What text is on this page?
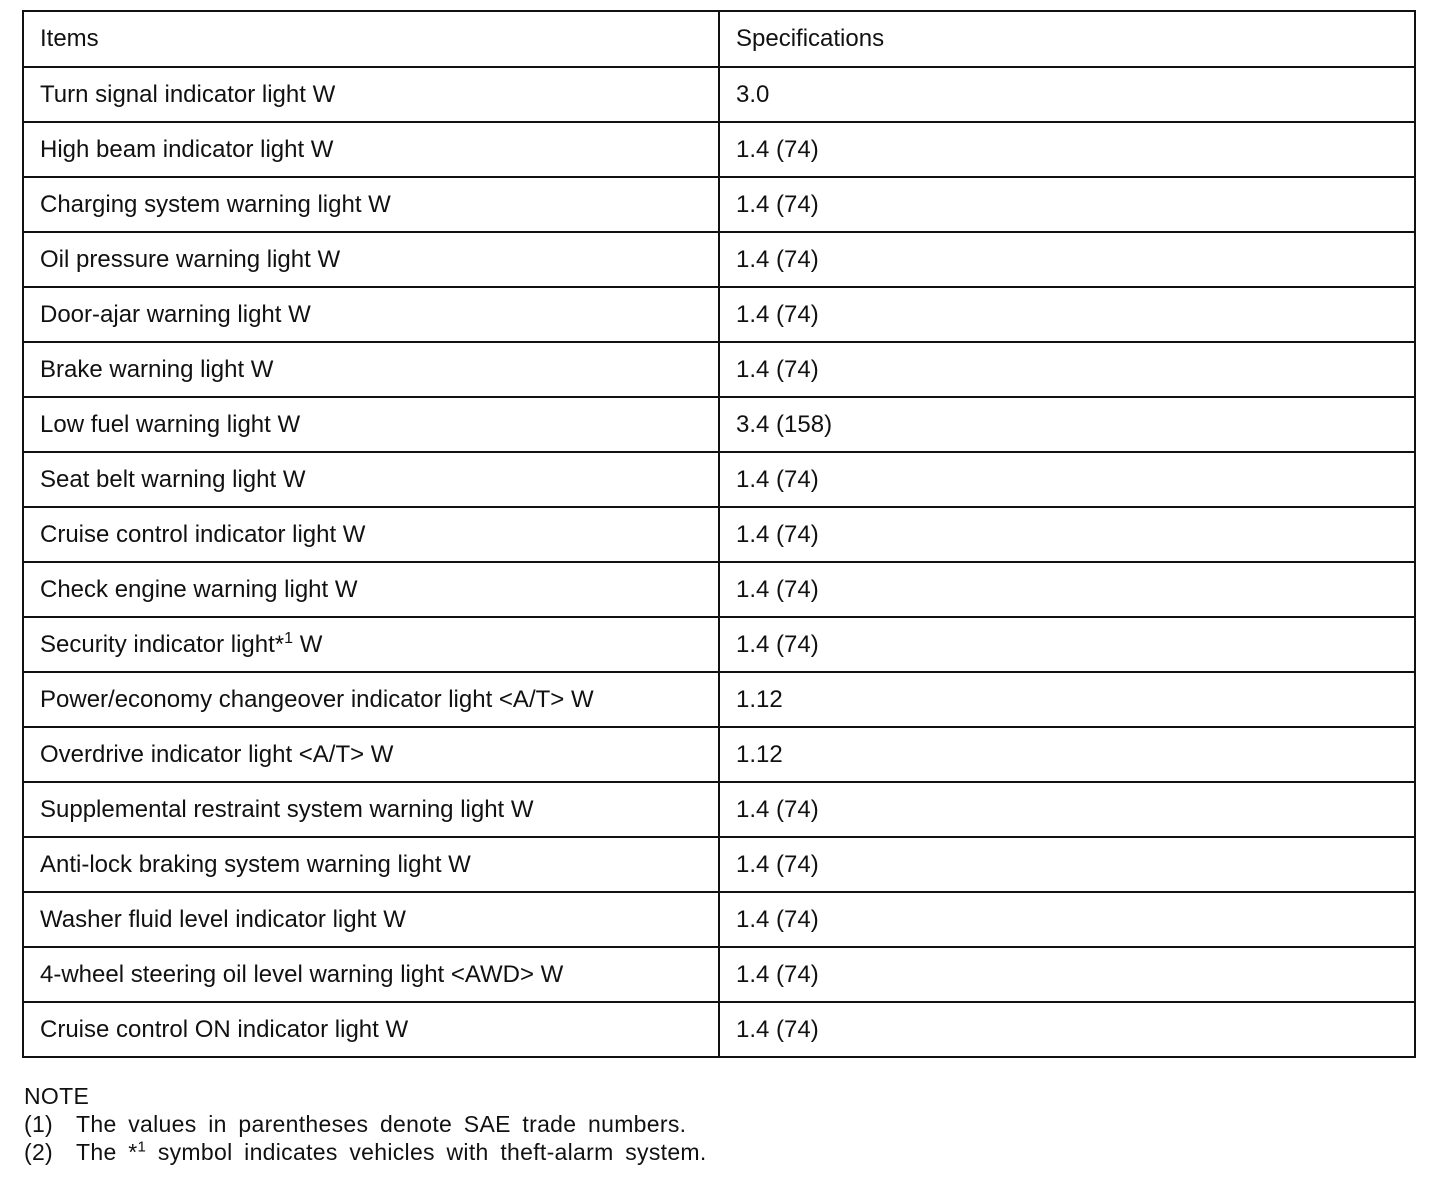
Items	Specifications
Turn signal indicator light W	3.0
High beam indicator light W	1.4 (74)
Charging system warning light W	1.4 (74)
Oil pressure warning light W	1.4 (74)
Door-ajar warning light W	1.4 (74)
Brake warning light W	1.4 (74)
Low fuel warning light W	3.4 (158)
Seat belt warning light W	1.4 (74)
Cruise control indicator light W	1.4 (74)
Check engine warning light W	1.4 (74)
Security indicator light*$^1$ W	1.4 (74)
Power/economy changeover indicator light <A/T> W	1.12
Overdrive indicator light <A/T> W	1.12
Supplemental restraint system warning light W	1.4 (74)
Anti-lock braking system warning light W	1.4 (74)
Washer fluid level indicator light W	1.4 (74)
4-wheel steering oil level warning light <AWD> W	1.4 (74)
Cruise control ON indicator light W	1.4 (74)
NOTE
(1) The values in parentheses denote SAE trade numbers.
(2) The *$^1$ symbol indicates vehicles with theft-alarm system.
